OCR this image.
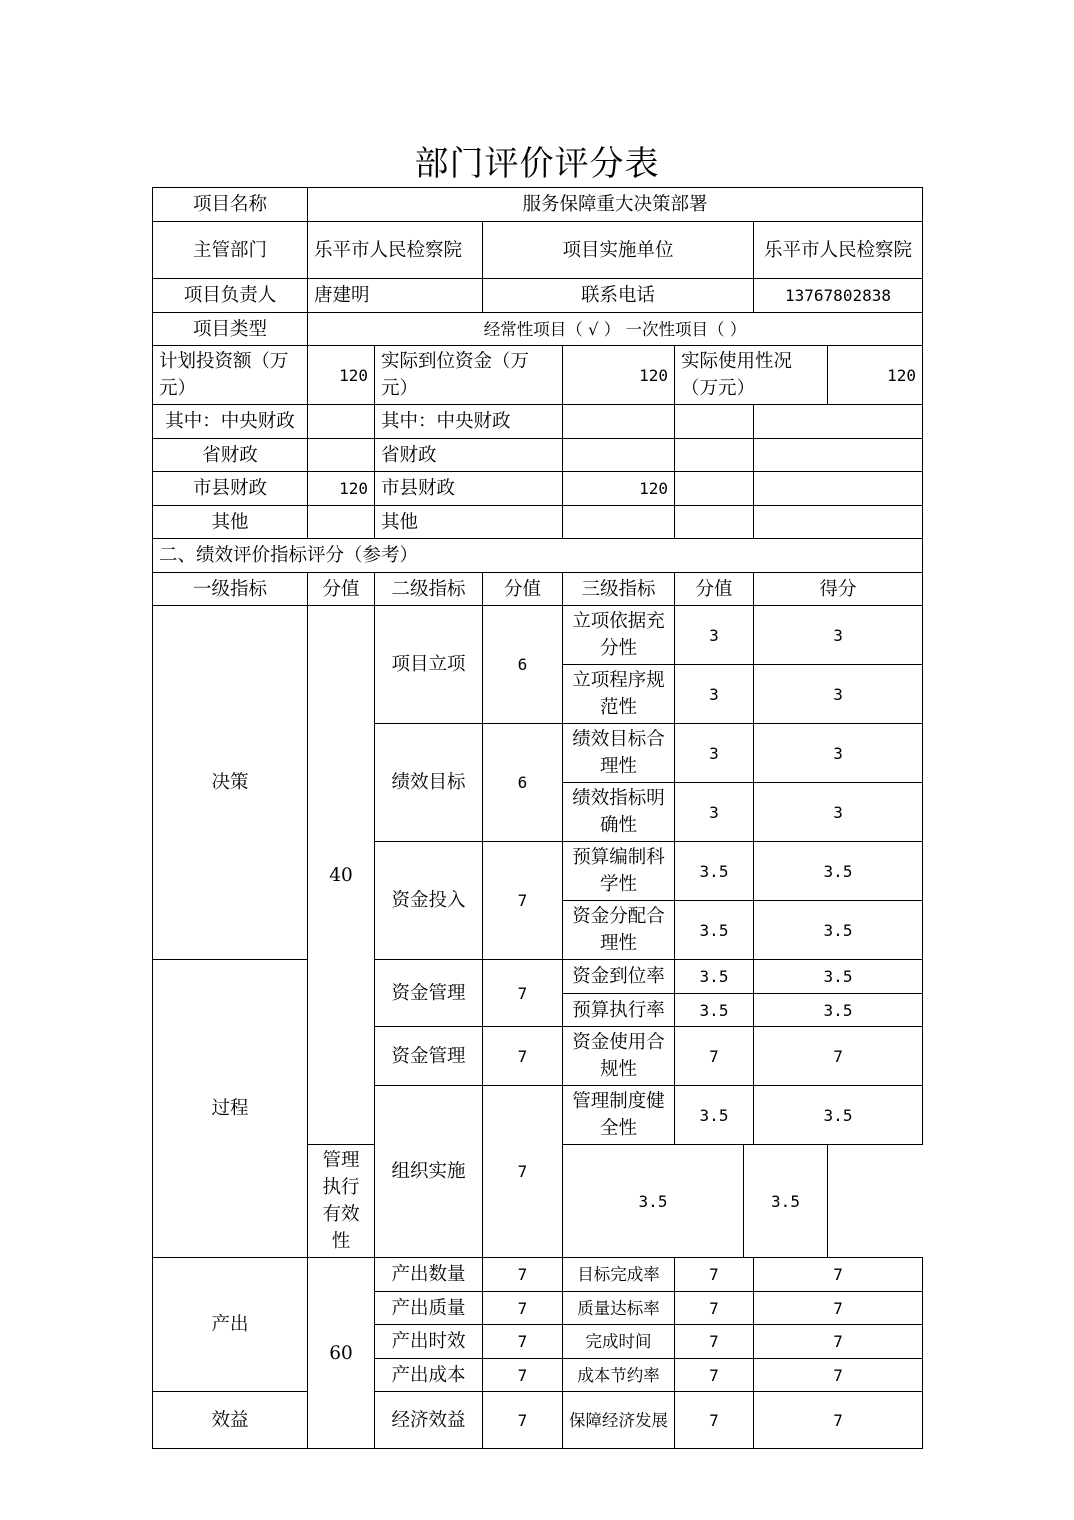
部门评价评分表
项目名称	服务保障重大决策部署							
主管部门	乐平市人民检察院		项目实施单位				乐平市人民检察院	
项目负责人	唐建明		联系电话				13767802838	
项目类型	经常性项目（ √ ） 一次性项目（ ）							
计划投资额（万元）	120	实际到位资金（万元）		120	实际使用性况（万元）			120
其中：中央财政		其中：中央财政						
省财政		省财政						
市县财政	120	市县财政		120				
其他		其他						
二、绩效评价指标评分（参考）								
一级指标	分值	二级指标	分值	三级指标	分值		得分	
决策	40	项目立项	6	立项依据充分性	3		3	
				立项程序规范性	3		3	
		绩效目标	6	绩效目标合理性	3		3	
				绩效指标明确性	3		3	
		资金投入	7	预算编制科学性	3.5		3.5	
				资金分配合理性	3.5		3.5	
过程		资金管理	7	资金到位率	3.5		3.5	
				预算执行率	3.5		3.5	
		资金管理	7	资金使用合规性	7		7	
		组织实施	7	管理制度健全性	3.5		3.5	
	管理执行有效性			3.5		3.5		
产出	60	产出数量	7	目标完成率	7		7	
		产出质量	7	质量达标率	7		7	
		产出时效	7	完成时间	7		7	
		产出成本	7	成本节约率	7		7	
效益		经济效益	7	保障经济发展	7		7	
